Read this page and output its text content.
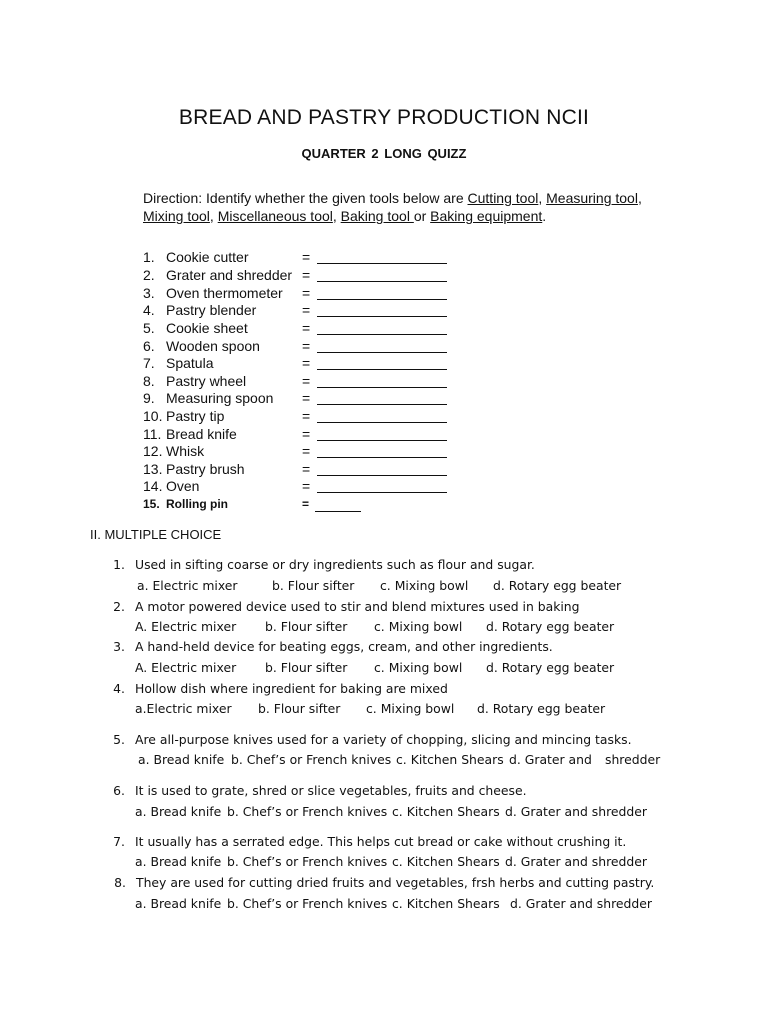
BREAD AND PASTRY PRODUCTION NCII
QUARTER 2 LONG QUIZZ
Direction: Identify whether the given tools below are Cutting tool, Measuring tool,
Mixing tool, Miscellaneous tool, Baking tool or Baking equipment.
1. Cookie cutter	=
2. Grater and shredder =
3. Oven thermometer =
4. Pastry blender	=
5. Cookie sheet	=
6. Wooden spoon	=
7. Spatula	=
8. Pastry wheel	=
9. Measuring spoon =
10. Pastry tip	=
11. Bread knife	=
12. Whisk	=
13. Pastry brush	=
14. Oven	=
15. Rolling pin	=
II. MULTIPLE CHOICE
1. Used in sifting coarse or dry ingredients such as flour and sugar.
a. Electric mixer	b. Flour sifter c. Mixing bowl d. Rotary egg beater
2. A motor powered device used to stir and blend mixtures used in baking
A. Electric mixer b. Flour sifter c. Mixing bowl d. Rotary egg beater
3. A hand-held device for beating eggs, cream, and other ingredients.
A. Electric mixer b. Flour sifter c. Mixing bowl d. Rotary egg beater
4. Hollow dish where ingredient for baking are mixed
a.Electric mixer b. Flour sifter c. Mixing bowl d. Rotary egg beater
5. Are all-purpose knives used for a variety of chopping, slicing and mincing tasks.
a. Bread knife b. Chef’s or French knives c. Kitchen Shears d. Grater and shredder
6. It is used to grate, shred or slice vegetables, fruits and cheese.
a. Bread knife b. Chef’s or French knives c. Kitchen Shears d. Grater and shredder
7. It usually has a serrated edge. This helps cut bread or cake without crushing it.
a. Bread knife b. Chef’s or French knives c. Kitchen Shears d. Grater and shredder
8. They are used for cutting dried fruits and vegetables, frsh herbs and cutting pastry.
a. Bread knife b. Chef’s or French knives c. Kitchen Shears d. Grater and shredder
